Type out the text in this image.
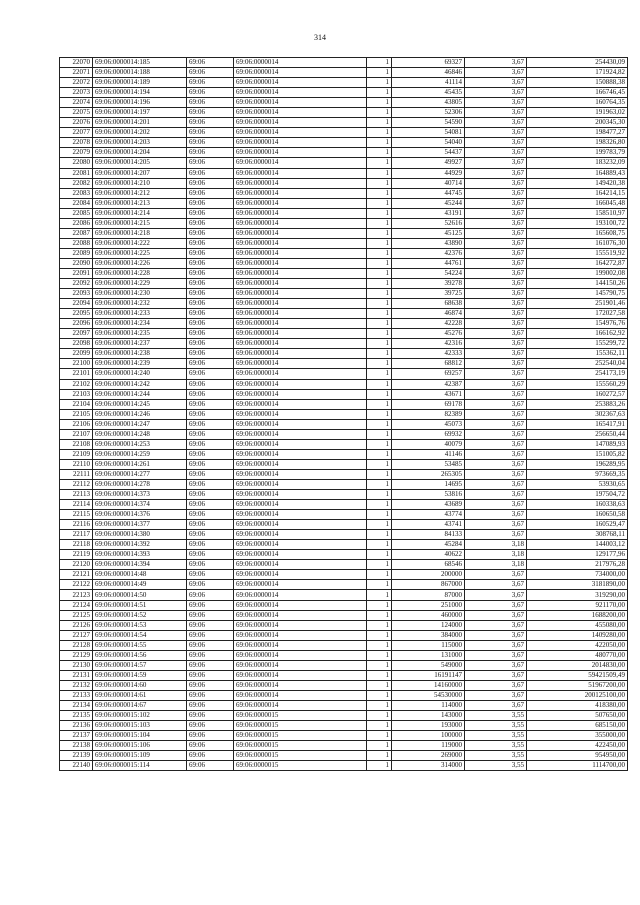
314
22070	69:06:0000014:185	69:06	69:06:0000014	1	69327	3,67	254430,09
22071	69:06:0000014:188	69:06	69:06:0000014	1	46846	3,67	171924,82
22072	69:06:0000014:189	69:06	69:06:0000014	1	41114	3,67	150888,38
22073	69:06:0000014:194	69:06	69:06:0000014	1	45435	3,67	166746,45
22074	69:06:0000014:196	69:06	69:06:0000014	1	43805	3,67	160764,35
22075	69:06:0000014:197	69:06	69:06:0000014	1	52306	3,67	191963,02
22076	69:06:0000014:201	69:06	69:06:0000014	1	54590	3,67	200345,30
22077	69:06:0000014:202	69:06	69:06:0000014	1	54081	3,67	198477,27
22078	69:06:0000014:203	69:06	69:06:0000014	1	54040	3,67	198326,80
22079	69:06:0000014:204	69:06	69:06:0000014	1	54437	3,67	199783,79
22080	69:06:0000014:205	69:06	69:06:0000014	1	49927	3,67	183232,09
22081	69:06:0000014:207	69:06	69:06:0000014	1	44929	3,67	164889,43
22082	69:06:0000014:210	69:06	69:06:0000014	1	40714	3,67	149420,38
22083	69:06:0000014:212	69:06	69:06:0000014	1	44745	3,67	164214,15
22084	69:06:0000014:213	69:06	69:06:0000014	1	45244	3,67	166045,48
22085	69:06:0000014:214	69:06	69:06:0000014	1	43191	3,67	158510,97
22086	69:06:0000014:215	69:06	69:06:0000014	1	52616	3,67	193100,72
22087	69:06:0000014:218	69:06	69:06:0000014	1	45125	3,67	165608,75
22088	69:06:0000014:222	69:06	69:06:0000014	1	43890	3,67	161076,30
22089	69:06:0000014:225	69:06	69:06:0000014	1	42376	3,67	155519,92
22090	69:06:0000014:226	69:06	69:06:0000014	1	44761	3,67	164272,87
22091	69:06:0000014:228	69:06	69:06:0000014	1	54224	3,67	199002,08
22092	69:06:0000014:229	69:06	69:06:0000014	1	39278	3,67	144150,26
22093	69:06:0000014:230	69:06	69:06:0000014	1	39725	3,67	145790,75
22094	69:06:0000014:232	69:06	69:06:0000014	1	68638	3,67	251901,46
22095	69:06:0000014:233	69:06	69:06:0000014	1	46874	3,67	172027,58
22096	69:06:0000014:234	69:06	69:06:0000014	1	42228	3,67	154976,76
22097	69:06:0000014:235	69:06	69:06:0000014	1	45276	3,67	166162,92
22098	69:06:0000014:237	69:06	69:06:0000014	1	42316	3,67	155299,72
22099	69:06:0000014:238	69:06	69:06:0000014	1	42333	3,67	155362,11
22100	69:06:0000014:239	69:06	69:06:0000014	1	68812	3,67	252540,04
22101	69:06:0000014:240	69:06	69:06:0000014	1	69257	3,67	254173,19
22102	69:06:0000014:242	69:06	69:06:0000014	1	42387	3,67	155560,29
22103	69:06:0000014:244	69:06	69:06:0000014	1	43671	3,67	160272,57
22104	69:06:0000014:245	69:06	69:06:0000014	1	69178	3,67	253883,26
22105	69:06:0000014:246	69:06	69:06:0000014	1	82389	3,67	302367,63
22106	69:06:0000014:247	69:06	69:06:0000014	1	45073	3,67	165417,91
22107	69:06:0000014:248	69:06	69:06:0000014	1	69932	3,67	256650,44
22108	69:06:0000014:253	69:06	69:06:0000014	1	40079	3,67	147089,93
22109	69:06:0000014:259	69:06	69:06:0000014	1	41146	3,67	151005,82
22110	69:06:0000014:261	69:06	69:06:0000014	1	53485	3,67	196289,95
22111	69:06:0000014:277	69:06	69:06:0000014	1	265305	3,67	973669,35
22112	69:06:0000014:278	69:06	69:06:0000014	1	14695	3,67	53930,65
22113	69:06:0000014:373	69:06	69:06:0000014	1	53816	3,67	197504,72
22114	69:06:0000014:374	69:06	69:06:0000014	1	43689	3,67	160338,63
22115	69:06:0000014:376	69:06	69:06:0000014	1	43774	3,67	160650,58
22116	69:06:0000014:377	69:06	69:06:0000014	1	43741	3,67	160529,47
22117	69:06:0000014:380	69:06	69:06:0000014	1	84133	3,67	308768,11
22118	69:06:0000014:392	69:06	69:06:0000014	1	45284	3,18	144003,12
22119	69:06:0000014:393	69:06	69:06:0000014	1	40622	3,18	129177,96
22120	69:06:0000014:394	69:06	69:06:0000014	1	68546	3,18	217976,28
22121	69:06:0000014:48	69:06	69:06:0000014	1	200000	3,67	734000,00
22122	69:06:0000014:49	69:06	69:06:0000014	1	867000	3,67	3181890,00
22123	69:06:0000014:50	69:06	69:06:0000014	1	87000	3,67	319290,00
22124	69:06:0000014:51	69:06	69:06:0000014	1	251000	3,67	921170,00
22125	69:06:0000014:52	69:06	69:06:0000014	1	460000	3,67	1688200,00
22126	69:06:0000014:53	69:06	69:06:0000014	1	124000	3,67	455080,00
22127	69:06:0000014:54	69:06	69:06:0000014	1	384000	3,67	1409280,00
22128	69:06:0000014:55	69:06	69:06:0000014	1	115000	3,67	422050,00
22129	69:06:0000014:56	69:06	69:06:0000014	1	131000	3,67	480770,00
22130	69:06:0000014:57	69:06	69:06:0000014	1	549000	3,67	2014830,00
22131	69:06:0000014:59	69:06	69:06:0000014	1	16191147	3,67	59421509,49
22132	69:06:0000014:60	69:06	69:06:0000014	1	14160000	3,67	51967200,00
22133	69:06:0000014:61	69:06	69:06:0000014	1	54530000	3,67	200125100,00
22134	69:06:0000014:67	69:06	69:06:0000014	1	114000	3,67	418380,00
22135	69:06:0000015:102	69:06	69:06:0000015	1	143000	3,55	507650,00
22136	69:06:0000015:103	69:06	69:06:0000015	1	193000	3,55	685150,00
22137	69:06:0000015:104	69:06	69:06:0000015	1	100000	3,55	355000,00
22138	69:06:0000015:106	69:06	69:06:0000015	1	119000	3,55	422450,00
22139	69:06:0000015:109	69:06	69:06:0000015	1	269000	3,55	954950,00
22140	69:06:0000015:114	69:06	69:06:0000015	1	314000	3,55	1114700,00
